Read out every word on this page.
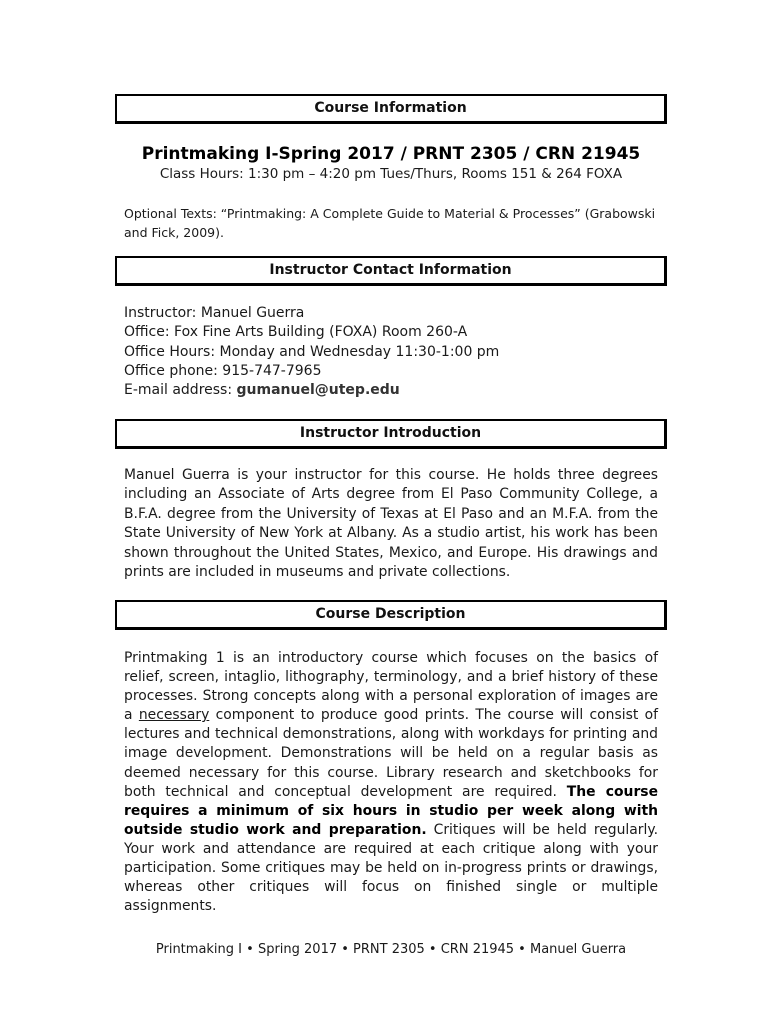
Course Information
Printmaking I-Spring 2017 / PRNT 2305 / CRN 21945
Class Hours: 1:30 pm – 4:20 pm Tues/Thurs, Rooms 151 & 264 FOXA
Optional Texts: “Printmaking: A Complete Guide to Material & Processes” (Grabowski and Fick, 2009).
Instructor Contact Information
Instructor: Manuel Guerra
Office: Fox Fine Arts Building (FOXA) Room 260-A
Office Hours: Monday and Wednesday 11:30-1:00 pm
Office phone: 915-747-7965
E-mail address: gumanuel@utep.edu
Instructor Introduction
Manuel Guerra is your instructor for this course. He holds three degrees including an Associate of Arts degree from El Paso Community College, a B.F.A. degree from the University of Texas at El Paso and an M.F.A. from the State University of New York at Albany. As a studio artist, his work has been shown throughout the United States, Mexico, and Europe. His drawings and prints are included in museums and private collections.
Course Description
Printmaking 1 is an introductory course which focuses on the basics of relief, screen, intaglio, lithography, terminology, and a brief history of these processes. Strong concepts along with a personal exploration of images are a necessary component to produce good prints. The course will consist of lectures and technical demonstrations, along with workdays for printing and image development. Demonstrations will be held on a regular basis as deemed necessary for this course. Library research and sketchbooks for both technical and conceptual development are required. The course requires a minimum of six hours in studio per week along with outside studio work and preparation. Critiques will be held regularly. Your work and attendance are required at each critique along with your participation. Some critiques may be held on in-progress prints or drawings, whereas other critiques will focus on finished single or multiple assignments.
Printmaking I • Spring 2017 • PRNT 2305 • CRN 21945 • Manuel Guerra
